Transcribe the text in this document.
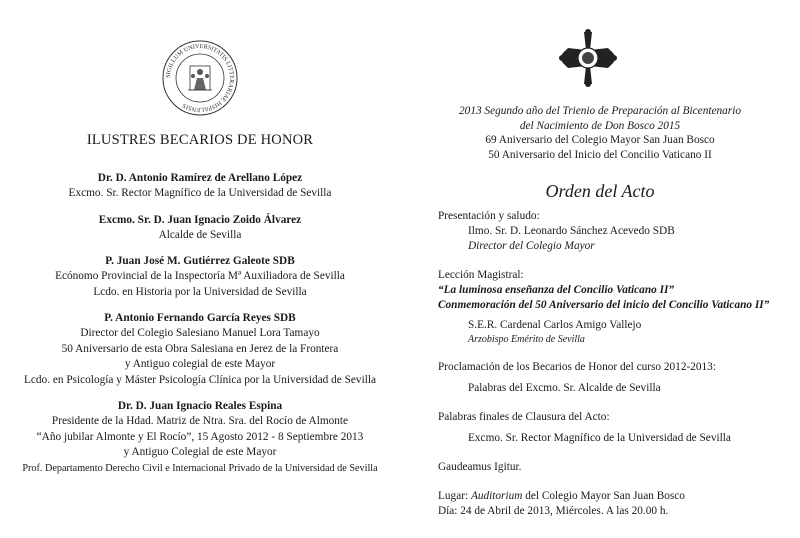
SIGILLUM UNIVERSITATIS LITTERARIAE HISPALENSIS
ILUSTRES BECARIOS DE HONOR
Dr. D. Antonio Ramírez de Arellano López
Excmo. Sr. Rector Magnífico de la Universidad de Sevilla
Excmo. Sr. D. Juan Ignacio Zoido Álvarez
Alcalde de Sevilla
P. Juan José M. Gutiérrez Galeote SDB
Ecónomo Provincial de la Inspectoría Mª Auxiliadora de Sevilla
Lcdo. en Historia por la Universidad de Sevilla
P. Antonio Fernando García Reyes SDB
Director del Colegio Salesiano Manuel Lora Tamayo
50 Aniversario de esta Obra Salesiana en Jerez de la Frontera
y Antiguo colegial de este Mayor
Lcdo. en Psicología y Máster Psicología Clínica por la Universidad de Sevilla
Dr. D. Juan Ignacio Reales Espina
Presidente de la Hdad. Matriz de Ntra. Sra. del Rocío de Almonte
“Año jubilar Almonte y El Rocío”, 15 Agosto 2012 - 8 Septiembre 2013
y Antiguo Colegial de este Mayor
Prof. Departamento Derecho Civil e Internacional Privado de la Universidad de Sevilla
2013 Segundo año del Trienio de Preparación al Bicentenario
del Nacimiento de Don Bosco 2015
69 Aniversario del Colegio Mayor San Juan Bosco
50 Aniversario del Inicio del Concilio Vaticano II
Orden del Acto
Presentación y saludo:
Ilmo. Sr. D. Leonardo Sánchez Acevedo SDB
Director del Colegio Mayor
Lección Magistral:
“La luminosa enseñanza del Concilio Vaticano II”
Conmemoración del 50 Aniversario del inicio del Concilio Vaticano II”
S.E.R. Cardenal Carlos Amigo Vallejo
Arzobispo Emérito de Sevilla
Proclamación de los Becarios de Honor del curso 2012-2013:
Palabras del Excmo. Sr. Alcalde de Sevilla
Palabras finales de Clausura del Acto:
Excmo. Sr. Rector Magnífico de la Universidad de Sevilla
Gaudeamus Igitur.
Lugar: Auditorium del Colegio Mayor San Juan Bosco
Día: 24 de Abril de 2013, Miércoles. A las 20.00 h.
